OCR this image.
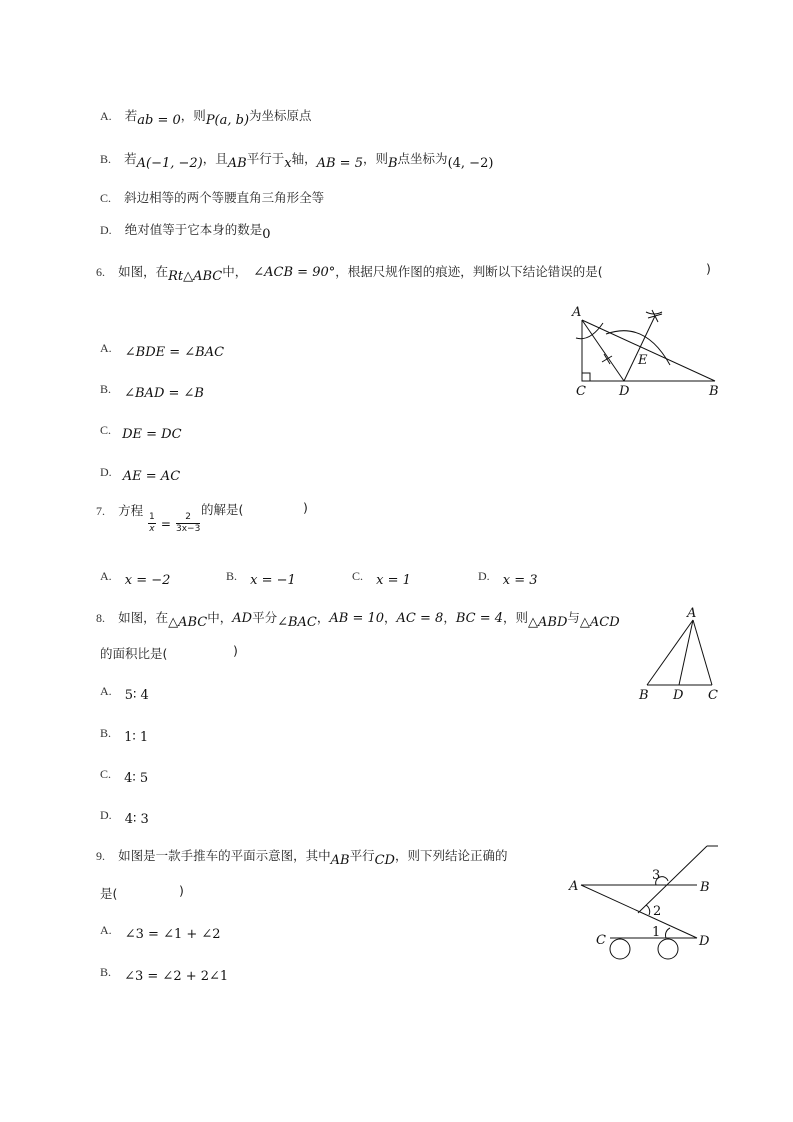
A. 若$_{ab = 0}$，则$_{P(a, b)}$为坐标原点
B. 若$_{A(-1, -2)}$，且$_{AB}$平行于$_x$轴，$_{AB = 5}$，则$_B$点坐标为$_{(4, -2)}$
C. 斜边相等的两个等腰直角三角形全等
D. 绝对值等于它本身的数是$_0$
6. 如图，在$_{Rt\triangle ABC}$中， ∠ACB = 90°，根据尺规作图的痕迹，判断以下结论错误的是(	)
A. $_{\angle BDE = \angle BAC}$
B. $_{\angle BAD = \angle B}$
C. $_{DE = DC}$
D. $_{AE = AC}$
A
C	D	B
E
7. 方程
$\frac{1}{x} = \frac{2}{3x-3}$
的解是(	)
A. $_{x = -2}$	B. $_{x = -1}$	C. $_{x = 1}$	D. $_{x = 3}$
8. 如图，在$_{\triangle ABC}$中，AD平分$_{\angle BAC}$，AB = 10，AC = 8，BC = 4，则$_{\triangle ABD}$与$_{\triangle ACD}$
的面积比是(	)
A. $_{5∶ 4}$
B. $_{1∶ 1}$
C. $_{4∶ 5}$
D. $_{4∶ 3}$
A
B D C
9. 如图是一款手推车的平面示意图，其中$_{AB}$平行$_{CD}$，则下列结论正确的
是(	)
A. $_{\angle 3 = \angle 1 + \angle 2}$
B. $_{\angle 3 = \angle 2 + 2\angle 1}$
A	B
C	D
1
2
3
